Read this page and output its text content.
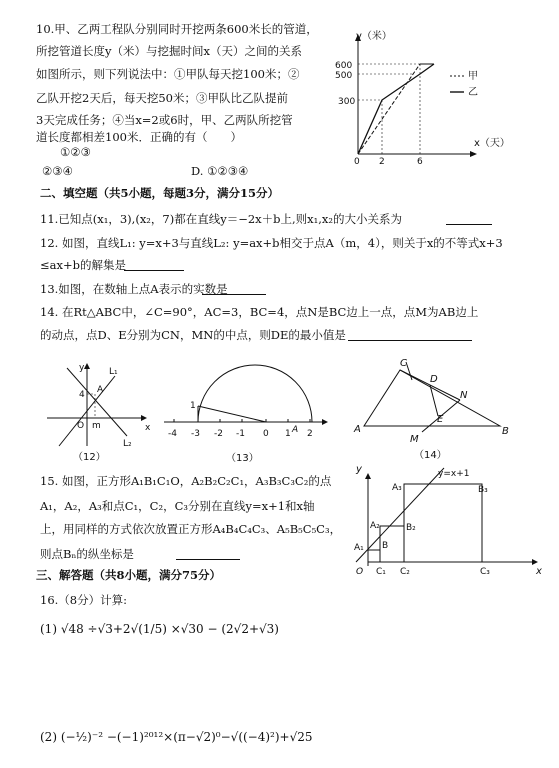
10.甲、乙两工程队分别同时开挖两条600米长的管道，
所挖管道长度y（米）与挖掘时间x（天）之间的关系
如图所示，则下列说法中：①甲队每天挖100米；②
乙队开挖2天后，每天挖50米；③甲队比乙队提前
3天完成任务；④当x=2或6时，甲、乙两队所挖管
道长度都相差100米．正确的有（　　）
①②③
②③④	D. ①②③④
y（米）
x（天）
600
500
300
0 2	6
甲
乙
二、填空题（共5小题，每题3分，满分15分）
11.已知点(x₁，3),(x₂，7)都在直线y＝−2x＋b上,则x₁,x₂的大小关系为
12. 如图，直线L₁: y=x+3与直线L₂: y=ax+b相交于点A（m，4），则关于x的不等式x+3
≤ax+b的解集是
13.如图，在数轴上点A表示的实数是
14. 在Rt△ABC中，∠C=90°，AC=3，BC=4，点N是BC边上一点，点M为AB边上
的动点，点D、E分别为CN，MN的中点，则DE的最小值是
y
x
L₁
L₂
4 A
O m
（12）
1
-4 -3 -2 -1 0 1 2
A
（13）
C
D
N
E
A
M
B
（14）
15. 如图，正方形A₁B₁C₁O，A₂B₂C₂C₁，A₃B₃C₃C₂的点
A₁，A₂，A₃和点C₁，C₂，C₃分别在直线y=x+1和x轴
上，用同样的方式依次放置正方形A₄B₄C₄C₃、A₅B₅C₅C₃，
则点Bₙ的纵坐标是
y
x
y=x+1
O
A₁
A₂
A₃
B
B₂
B₃
C₁ C₂	C₃
三、解答题（共8小题，满分75分）
16.（8分）计算:
(1) √48 ÷√3+2√(1/5) ×√30 − (2√2+√3)
(2) (−½)⁻² −(−1)²⁰¹²×(π−√2)⁰−√((−4)²)+√25
